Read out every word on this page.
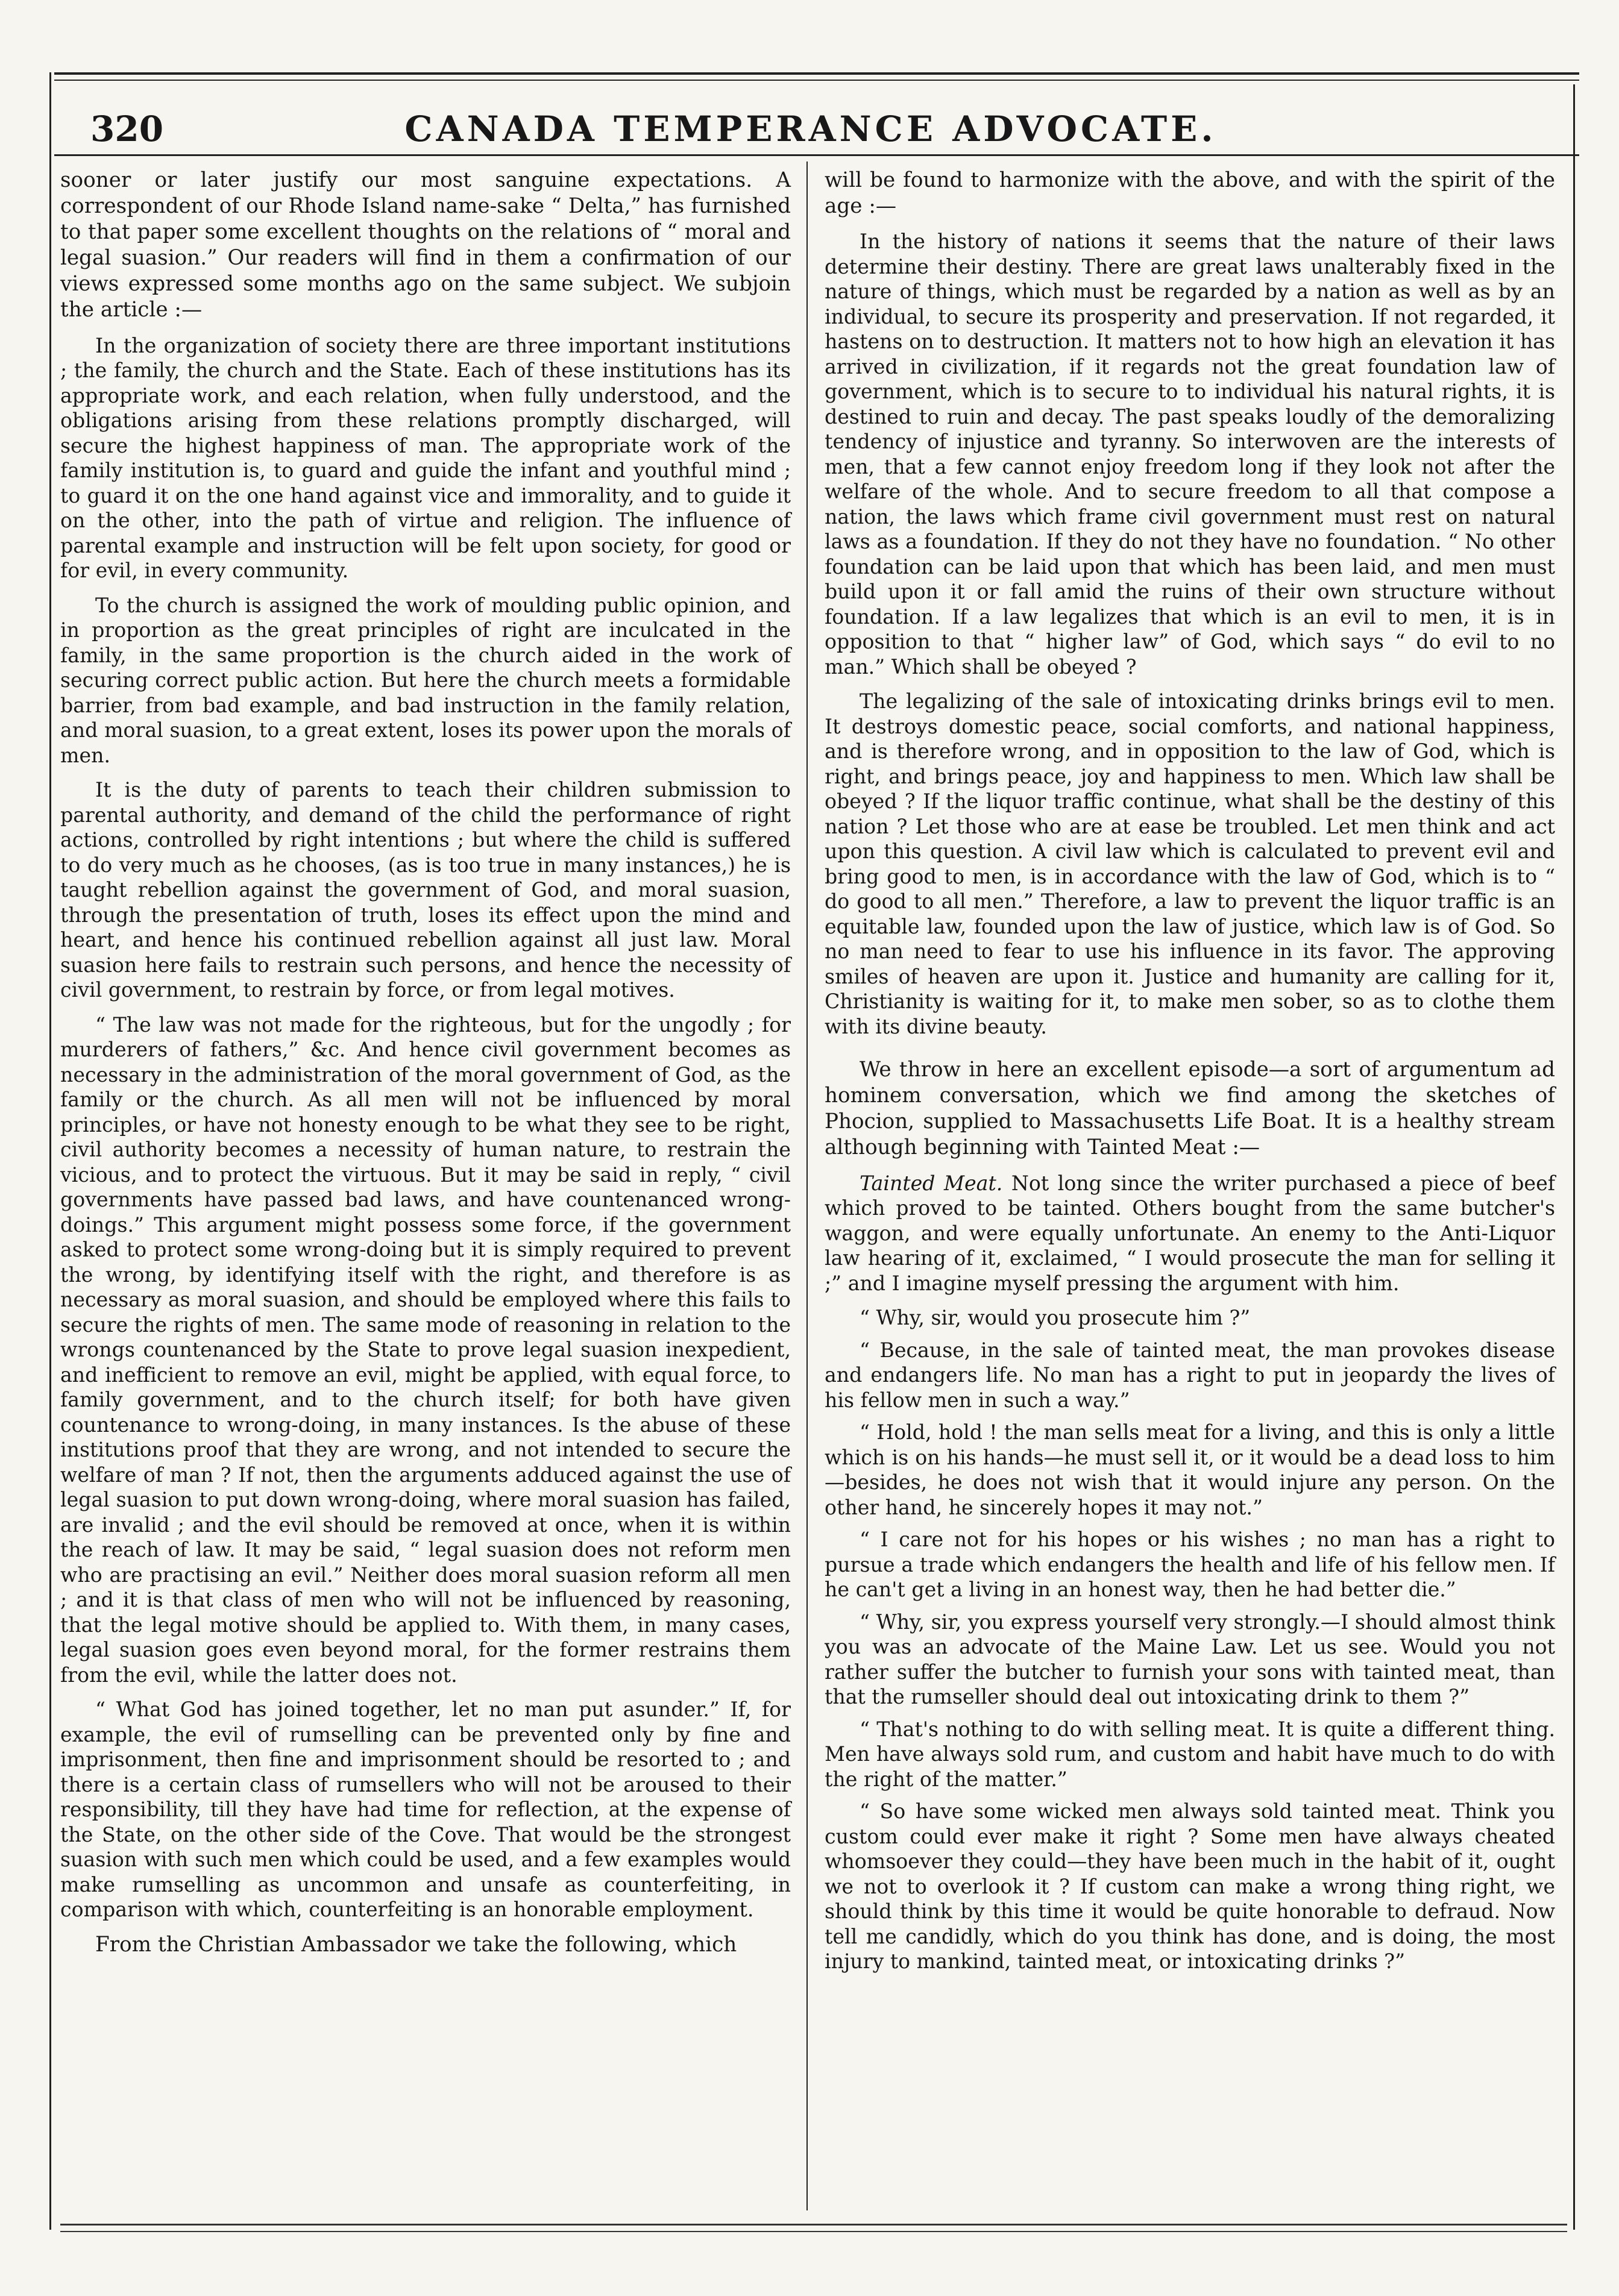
320	CANADA TEMPERANCE ADVOCATE.

sooner or later justify our most sanguine expectations. A correspondent of our Rhode Island name-sake “ Delta,” has furnished to that paper some excellent thoughts on the relations of “ moral and legal suasion.” Our readers will find in them a confirmation of our views expressed some months ago on the same subject. We subjoin the article :—

In the organization of society there are three important institutions ; the family, the church and the State. Each of these institutions has its appropriate work, and each relation, when fully understood, and the obligations arising from these relations promptly discharged, will secure the highest happiness of man. The appropriate work of the family institution is, to guard and guide the infant and youthful mind ; to guard it on the one hand against vice and immorality, and to guide it on the other, into the path of virtue and religion. The influence of parental example and instruction will be felt upon society, for good or for evil, in every community.

To the church is assigned the work of moulding public opinion, and in proportion as the great principles of right are inculcated in the family, in the same proportion is the church aided in the work of securing correct public action. But here the church meets a formidable barrier, from bad example, and bad instruction in the family relation, and moral suasion, to a great extent, loses its power upon the morals of men.

It is the duty of parents to teach their children submission to parental authority, and demand of the child the performance of right actions, controlled by right intentions ; but where the child is suffered to do very much as he chooses, (as is too true in many instances,) he is taught rebellion against the government of God, and moral suasion, through the presentation of truth, loses its effect upon the mind and heart, and hence his continued rebellion against all just law. Moral suasion here fails to restrain such persons, and hence the necessity of civil government, to restrain by force, or from legal motives.

“ The law was not made for the righteous, but for the ungodly ; for murderers of fathers,” &c. And hence civil government becomes as necessary in the administration of the moral government of God, as the family or the church. As all men will not be influenced by moral principles, or have not honesty enough to be what they see to be right, civil authority becomes a necessity of human nature, to restrain the vicious, and to protect the virtuous. But it may be said in reply, “ civil governments have passed bad laws, and have countenanced wrong-doings.” This argument might possess some force, if the government asked to protect some wrong-doing but it is simply required to prevent the wrong, by identifying itself with the right, and therefore is as necessary as moral suasion, and should be employed where this fails to secure the rights of men. The same mode of reasoning in relation to the wrongs countenanced by the State to prove legal suasion inexpedient, and inefficient to remove an evil, might be applied, with equal force, to family government, and to the church itself; for both have given countenance to wrong-doing, in many instances. Is the abuse of these institutions proof that they are wrong, and not intended to secure the welfare of man ? If not, then the arguments adduced against the use of legal suasion to put down wrong-doing, where moral suasion has failed, are invalid ; and the evil should be removed at once, when it is within the reach of law. It may be said, “ legal suasion does not reform men who are practising an evil.” Neither does moral suasion reform all men ; and it is that class of men who will not be influenced by reasoning, that the legal motive should be applied to. With them, in many cases, legal suasion goes even beyond moral, for the former restrains them from the evil, while the latter does not.

“ What God has joined together, let no man put asunder.” If, for example, the evil of rumselling can be prevented only by fine and imprisonment, then fine and imprisonment should be resorted to ; and there is a certain class of rumsellers who will not be aroused to their responsibility, till they have had time for reflection, at the expense of the State, on the other side of the Cove. That would be the strongest suasion with such men which could be used, and a few examples would make rumselling as uncommon and unsafe as counterfeiting, in comparison with which, counterfeiting is an honorable employment.

From the Christian Ambassador we take the following, which

will be found to harmonize with the above, and with the spirit of the age :—

In the history of nations it seems that the nature of their laws determine their destiny. There are great laws unalterably fixed in the nature of things, which must be regarded by a nation as well as by an individual, to secure its prosperity and preservation. If not regarded, it hastens on to destruction. It matters not to how high an elevation it has arrived in civilization, if it regards not the great foundation law of government, which is to secure to to individual his natural rights, it is destined to ruin and decay. The past speaks loudly of the demoralizing tendency of injustice and tyranny. So interwoven are the interests of men, that a few cannot enjoy freedom long if they look not after the welfare of the whole. And to secure freedom to all that compose a nation, the laws which frame civil government must rest on natural laws as a foundation. If they do not they have no foundation. “ No other foundation can be laid upon that which has been laid, and men must build upon it or fall amid the ruins of their own structure without foundation. If a law legalizes that which is an evil to men, it is in opposition to that “ higher law” of God, which says “ do evil to no man.” Which shall be obeyed ?

The legalizing of the sale of intoxicating drinks brings evil to men. It destroys domestic peace, social comforts, and national happiness, and is therefore wrong, and in opposition to the law of God, which is right, and brings peace, joy and happiness to men. Which law shall be obeyed ? If the liquor traffic continue, what shall be the destiny of this nation ? Let those who are at ease be troubled. Let men think and act upon this question. A civil law which is calculated to prevent evil and bring good to men, is in accordance with the law of God, which is to “ do good to all men.” Therefore, a law to prevent the liquor traffic is an equitable law, founded upon the law of justice, which law is of God. So no man need to fear to use his influence in its favor. The approving smiles of heaven are upon it. Justice and humanity are calling for it, Christianity is waiting for it, to make men sober, so as to clothe them with its divine beauty.

We throw in here an excellent episode—a sort of argumentum ad hominem conversation, which we find among the sketches of Phocion, supplied to Massachusetts Life Boat. It is a healthy stream although beginning with Tainted Meat :—

Tainted Meat. Not long since the writer purchased a piece of beef which proved to be tainted. Others bought from the same butcher's waggon, and were equally unfortunate. An enemy to the Anti-Liquor law hearing of it, exclaimed, “ I would prosecute the man for selling it ;” and I imagine myself pressing the argument with him.

“ Why, sir, would you prosecute him ?”

“ Because, in the sale of tainted meat, the man provokes disease and endangers life. No man has a right to put in jeopardy the lives of his fellow men in such a way.”

“ Hold, hold ! the man sells meat for a living, and this is only a little which is on his hands—he must sell it, or it would be a dead loss to him—besides, he does not wish that it would injure any person. On the other hand, he sincerely hopes it may not.”

“ I care not for his hopes or his wishes ; no man has a right to pursue a trade which endangers the health and life of his fellow men. If he can't get a living in an honest way, then he had better die.”

“ Why, sir, you express yourself very strongly.—I should almost think you was an advocate of the Maine Law. Let us see. Would you not rather suffer the butcher to furnish your sons with tainted meat, than that the rumseller should deal out intoxicating drink to them ?”

“ That's nothing to do with selling meat. It is quite a different thing. Men have always sold rum, and custom and habit have much to do with the right of the matter.”

“ So have some wicked men always sold tainted meat. Think you custom could ever make it right ? Some men have always cheated whomsoever they could—they have been much in the habit of it, ought we not to overlook it ? If custom can make a wrong thing right, we should think by this time it would be quite honorable to defraud. Now tell me candidly, which do you think has done, and is doing, the most injury to mankind, tainted meat, or intoxicating drinks ?”
